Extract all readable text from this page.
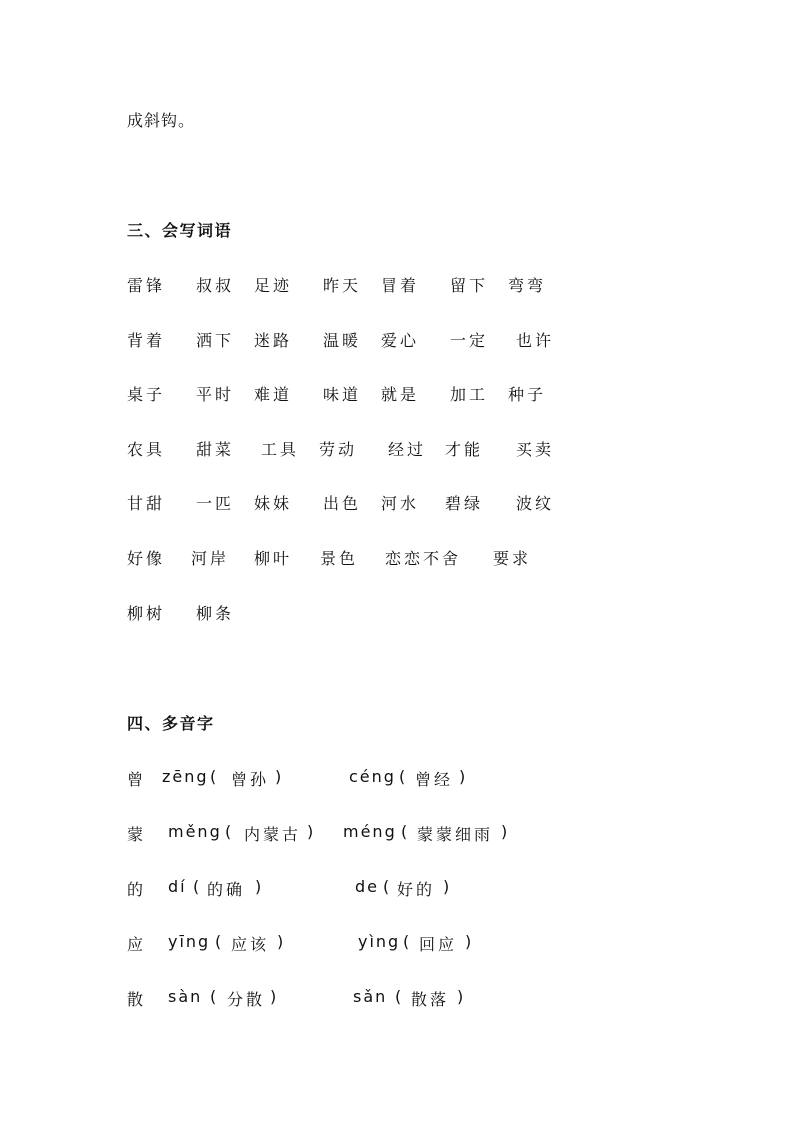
成斜钩。
三、会写词语
雷锋 叔叔 足迹 昨天 冒着 留下 弯弯
背着 洒下 迷路 温暖 爱心 一定 也许
桌子 平时 难道 味道 就是 加工 种子
农具 甜菜 工具 劳动 经过 才能 买卖
甘甜 一匹 妹妹 出色 河水 碧绿 波纹
好像 河岸 柳叶 景色 恋恋不舍 要求
柳树 柳条
四、多音字
曾 zēng ( 曾孙 )	céng ( 曾经 )
蒙 měng ( 内蒙古 ) méng ( 蒙蒙细雨 )
的 dí ( 的确 )	de ( 好的 )
应 yīng ( 应该 )	yìng ( 回应 )
散 sàn ( 分散 )	sǎn ( 散落 )
